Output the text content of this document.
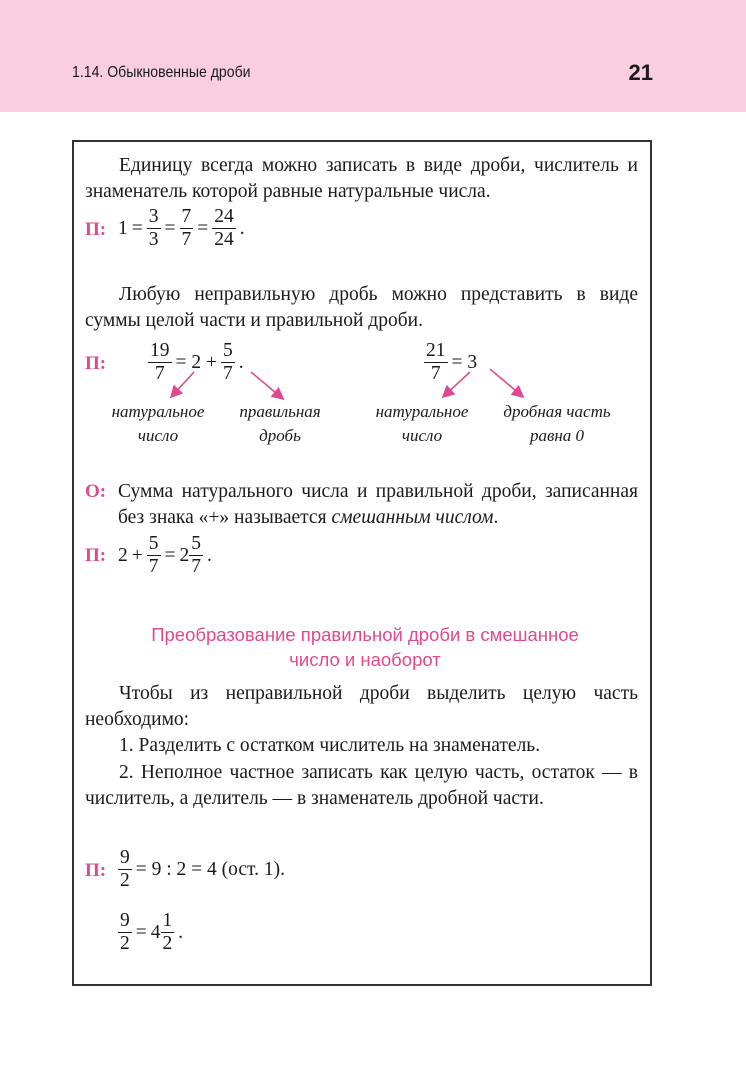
1.14. Обыкновенные дроби	21
Единицу всегда можно записать в виде дроби, числитель и знаменатель которой равные натуральные числа.
П: $1 = \frac{3}{3} = \frac{7}{7} = \frac{24}{24}$ .
Любую неправильную дробь можно представить в виде суммы целой части и правильной дроби.
П: $\frac{19}{7} = 2 + \frac{5}{7}$ .	$\frac{21}{7} = 3$
натуральное
число
правильная
дробь
натуральное
число
дробная часть
равна 0
О: Сумма натурального числа и правильной дроби, записанная без знака «+» называется смешанным числом.
П: $2 + \frac{5}{7} = 2 \frac{5}{7}$ .
Преобразование правильной дроби в смешанное
число и наоборот
Чтобы из неправильной дроби выделить целую часть необходимо:
1. Разделить с остатком числитель на знаменатель.
2. Неполное частное записать как целую часть, остаток — в числитель, а делитель — в знаменатель дробной части.
П: $\frac{9}{2} = 9$ : 2 = 4 (ост. 1).
$\frac{9}{2} = 4 \frac{1}{2}$ .
